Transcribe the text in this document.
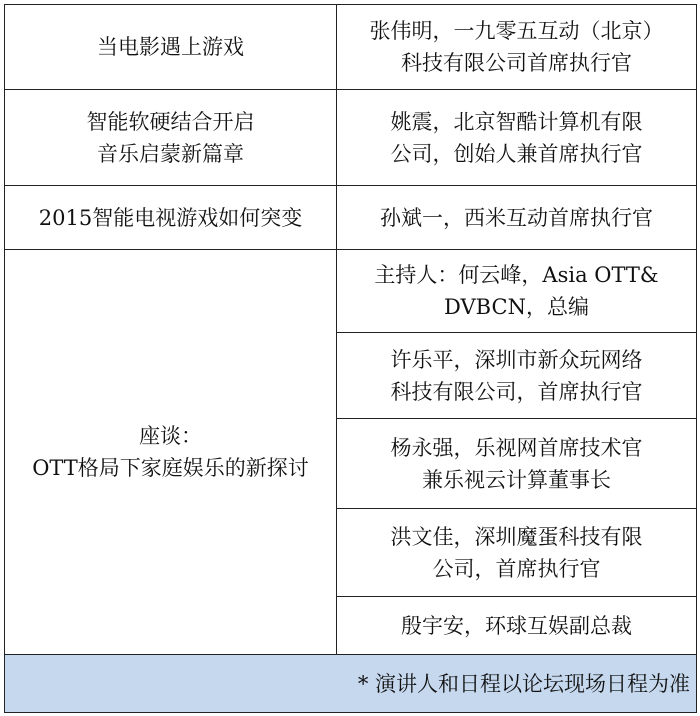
当电影遇上游戏	张伟明，一九零五互动（北京）
科技有限公司首席执行官

智能软硬结合开启
音乐启蒙新篇章	姚震，北京智酷计算机有限
公司，创始人兼首席执行官

2015智能电视游戏如何突变	孙斌一，西米互动首席执行官

座谈：
OTT格局下家庭娱乐的新探讨	主持人：何云峰，Asia OTT&
DVBCN，总编

	许乐平，深圳市新众玩网络
科技有限公司，首席执行官

	杨永强，乐视网首席技术官
兼乐视云计算董事长

	洪文佳，深圳魔蛋科技有限
公司，首席执行官

	殷宇安，环球互娱副总裁

* 演讲人和日程以论坛现场日程为准	
